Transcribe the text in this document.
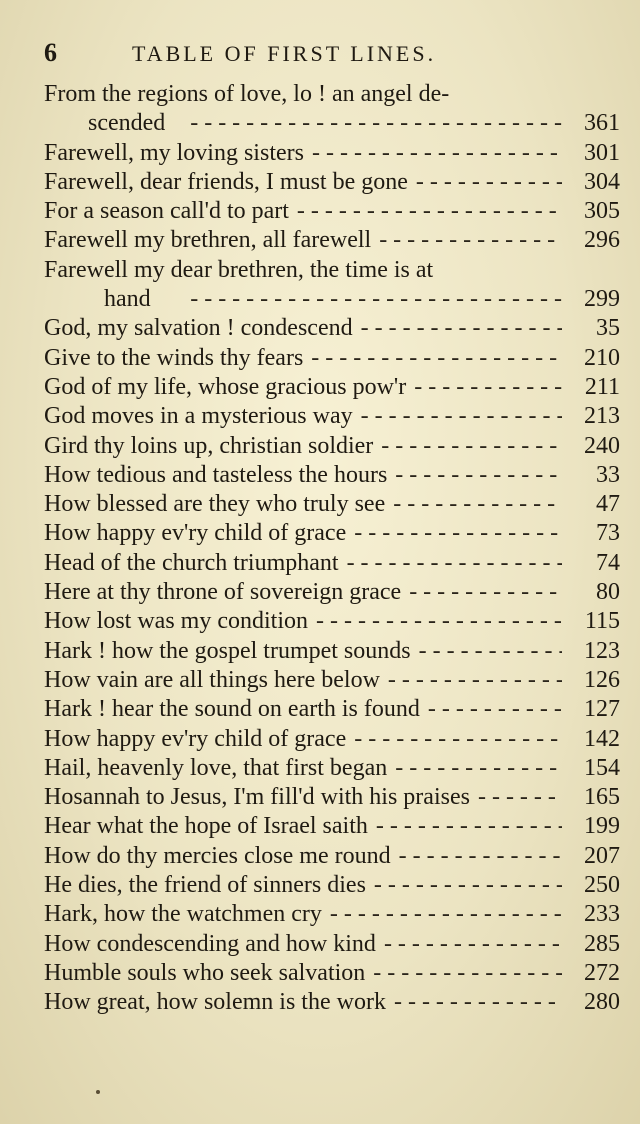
6	TABLE OF FIRST LINES.
From the regions of love, lo ! an angel de-
scended - - -	361
Farewell, my loving sisters - - -	301
Farewell, dear friends, I must be gone - - -	304
For a season call'd to part - - -	305
Farewell my brethren, all farewell - - -	296
Farewell my dear brethren, the time is at
hand - - -	299
God, my salvation ! condescend - - -	35
Give to the winds thy fears - - -	210
God of my life, whose gracious pow'r - - -	211
God moves in a mysterious way - - -	213
Gird thy loins up, christian soldier - - -	240
How tedious and tasteless the hours - - -	33
How blessed are they who truly see - - -	47
How happy ev'ry child of grace - - -	73
Head of the church triumphant - - -	74
Here at thy throne of sovereign grace - - -	80
How lost was my condition - - -	115
Hark ! how the gospel trumpet sounds - - -	123
How vain are all things here below - - -	126
Hark ! hear the sound on earth is found - - -	127
How happy ev'ry child of grace - - -	142
Hail, heavenly love, that first began - - -	154
Hosannah to Jesus, I'm fill'd with his praises - - -	165
Hear what the hope of Israel saith - - -	199
How do thy mercies close me round - - -	207
He dies, the friend of sinners dies - - -	250
Hark, how the watchmen cry - - -	233
How condescending and how kind - - -	285
Humble souls who seek salvation - - -	272
How great, how solemn is the work - - -	280
